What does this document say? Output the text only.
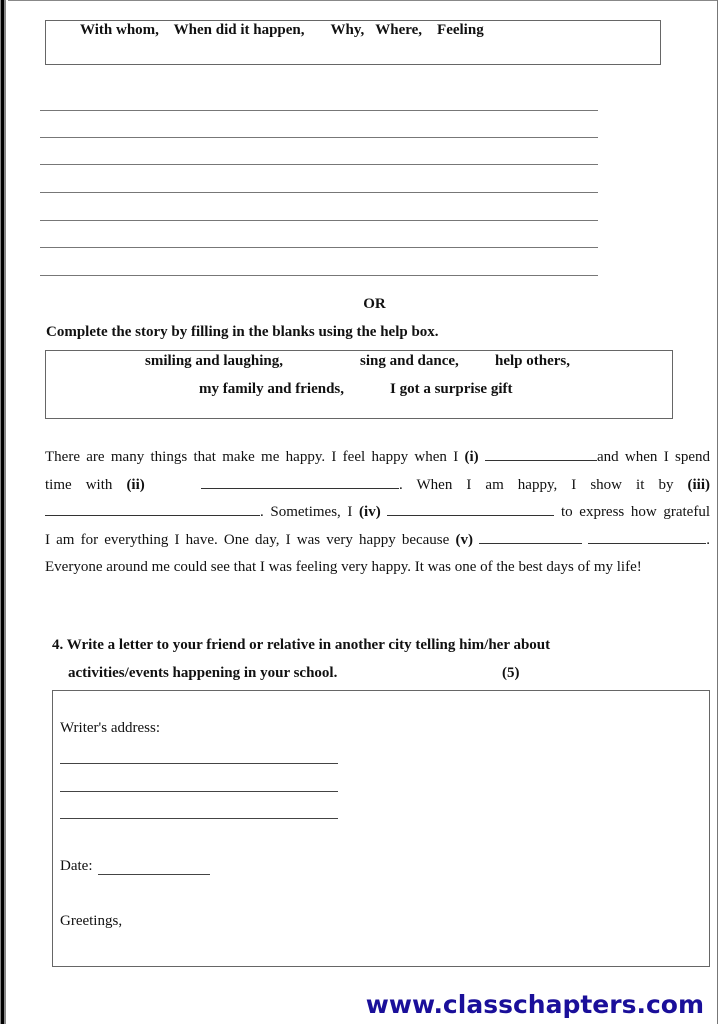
With whom,    When did it happen,       Why,   Where,    Feeling
OR
Complete the story by filling in the blanks using the help box.
smiling and laughing,	sing and dance, help others,
my family and friends,	I got a surprise gift
There are many things that make me happy. I feel happy when I (i)	and when I spend
time with (ii)	. When I am happy, I show it by (iii)
. Sometimes, I (iv)	to express how grateful
I am for everything I have. One day, I was very happy because (v)	.
Everyone around me could see that I was feeling very happy. It was one of the best days of my life!
4. Write a letter to your friend or relative in another city telling him/her about
activities/events happening in your school.	(5)
Writer's address:
Date:
Greetings,
www.classchapters.com
